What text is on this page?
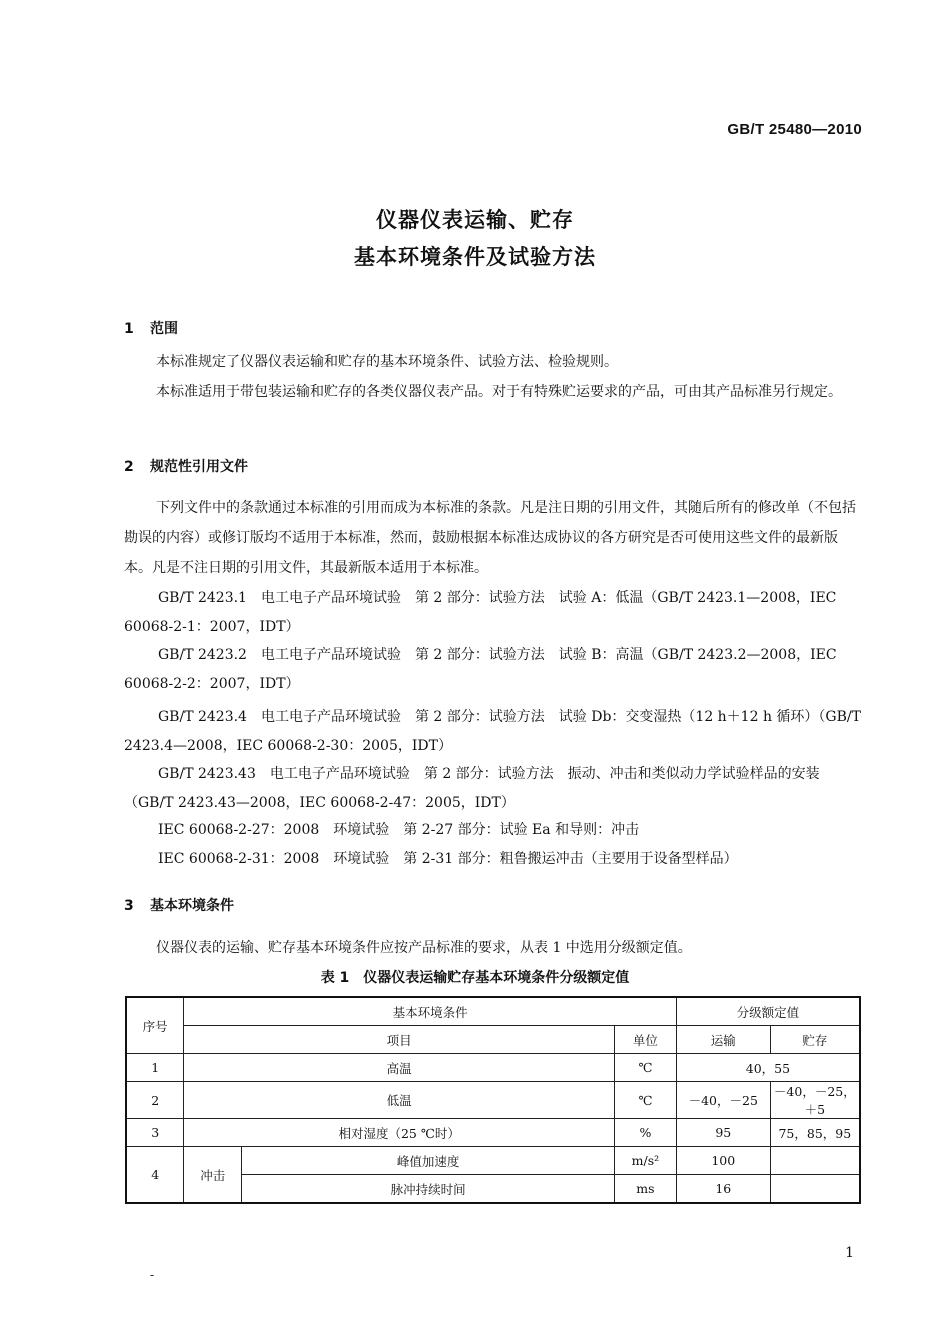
GB/T 25480—2010
仪器仪表运输、贮存
基本环境条件及试验方法
1 范围
本标准规定了仪器仪表运输和贮存的基本环境条件、试验方法、检验规则。
本标准适用于带包装运输和贮存的各类仪器仪表产品。对于有特殊贮运要求的产品，可由其产品标准另行规定。
2 规范性引用文件
下列文件中的条款通过本标准的引用而成为本标准的条款。凡是注日期的引用文件，其随后所有的修改单（不包括勘误的内容）或修订版均不适用于本标准，然而，鼓励根据本标准达成协议的各方研究是否可使用这些文件的最新版本。凡是不注日期的引用文件，其最新版本适用于本标准。
GB/T 2423.1　电工电子产品环境试验　第 2 部分：试验方法　试验 A：低温（GB/T 2423.1—2008，IEC 60068-2-1：2007，IDT）
GB/T 2423.2　电工电子产品环境试验　第 2 部分：试验方法　试验 B：高温（GB/T 2423.2—2008，IEC 60068-2-2：2007，IDT）
GB/T 2423.4　电工电子产品环境试验　第 2 部分：试验方法　试验 Db：交变湿热（12 h＋12 h 循环）（GB/T 2423.4—2008，IEC 60068-2-30：2005，IDT）
GB/T 2423.43　电工电子产品环境试验　第 2 部分：试验方法　振动、冲击和类似动力学试验样品的安装（GB/T 2423.43—2008，IEC 60068-2-47：2005，IDT）
IEC 60068-2-27：2008　环境试验　第 2-27 部分：试验 Ea 和导则：冲击
IEC 60068-2-31：2008　环境试验　第 2-31 部分：粗鲁搬运冲击（主要用于设备型样品）
3 基本环境条件
仪器仪表的运输、贮存基本环境条件应按产品标准的要求，从表 1 中选用分级额定值。
表 1　仪器仪表运输贮存基本环境条件分级额定值
序号	基本环境条件			分级额定值	
	项目		单位	运输	贮存
1	高温		℃	40，55	
2	低温		℃	－40，－25	－40，－25，＋5
3	相对湿度（25 ℃时）		%	95	75，85，95
4	冲击	峰值加速度	m/s²	100	
		脉冲持续时间	ms	16	
1
-
